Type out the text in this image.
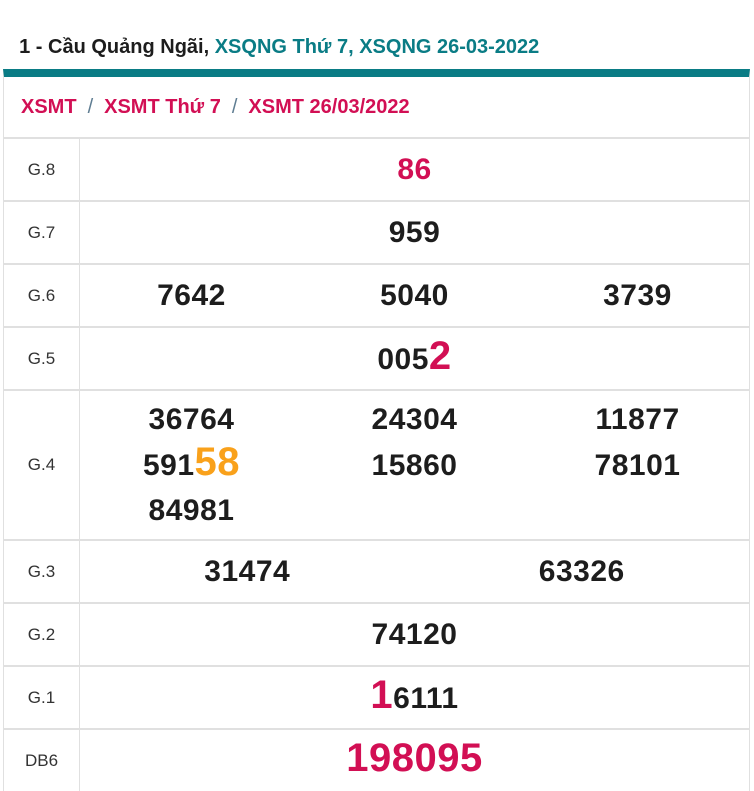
1 - Cầu Quảng Ngãi, XSQNG Thứ 7, XSQNG 26-03-2022

XSMT / XSMT Thứ 7 / XSMT 26/03/2022
G.8	86
G.7	959
G.6	7642	5040	3739
G.5	0052
G.4
36764	24304	11877
59158	15860	78101
84981
G.3	31474	63326
G.2	74120
G.1	16111
DB6	198095
